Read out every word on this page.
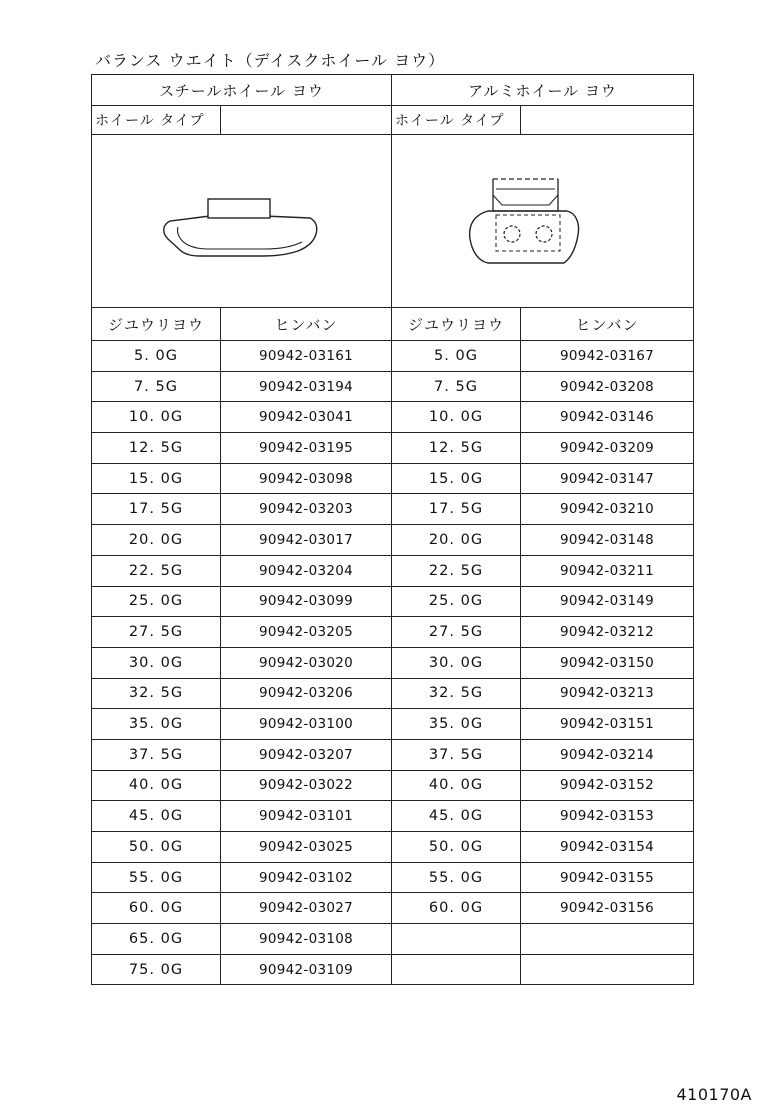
バランス ウエイト（デイスクホイール ヨウ）
スチールホイール ヨウ		アルミホイール ヨウ	
ホイール タイプ		ホイール タイプ	

ジユウリヨウ	ヒンバン	ジユウリヨウ	ヒンバン
5. 0G	90942-03161	5. 0G	90942-03167
7. 5G	90942-03194	7. 5G	90942-03208
10. 0G	90942-03041	10. 0G	90942-03146
12. 5G	90942-03195	12. 5G	90942-03209
15. 0G	90942-03098	15. 0G	90942-03147
17. 5G	90942-03203	17. 5G	90942-03210
20. 0G	90942-03017	20. 0G	90942-03148
22. 5G	90942-03204	22. 5G	90942-03211
25. 0G	90942-03099	25. 0G	90942-03149
27. 5G	90942-03205	27. 5G	90942-03212
30. 0G	90942-03020	30. 0G	90942-03150
32. 5G	90942-03206	32. 5G	90942-03213
35. 0G	90942-03100	35. 0G	90942-03151
37. 5G	90942-03207	37. 5G	90942-03214
40. 0G	90942-03022	40. 0G	90942-03152
45. 0G	90942-03101	45. 0G	90942-03153
50. 0G	90942-03025	50. 0G	90942-03154
55. 0G	90942-03102	55. 0G	90942-03155
60. 0G	90942-03027	60. 0G	90942-03156
65. 0G	90942-03108		
75. 0G	90942-03109		
410170A
